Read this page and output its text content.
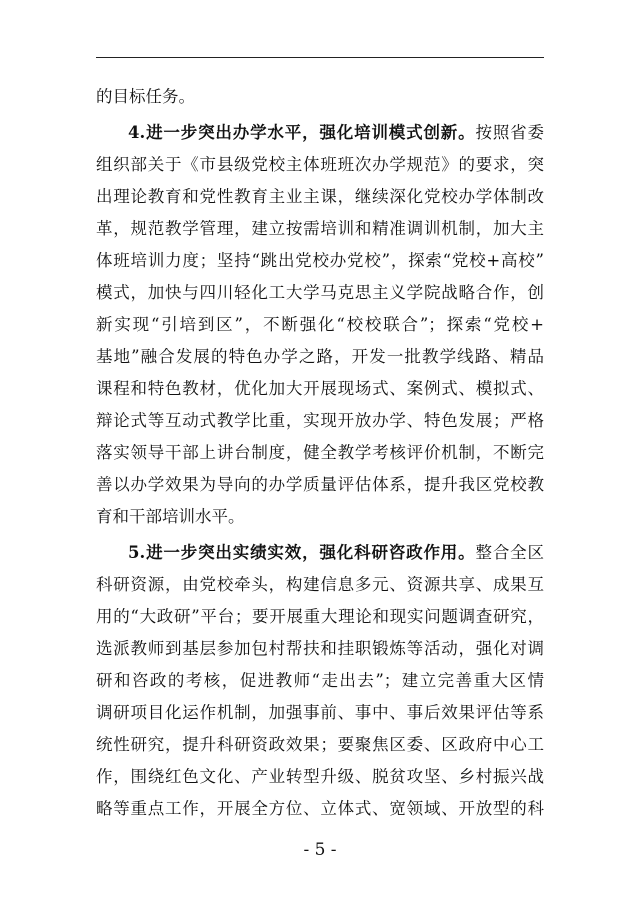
的目标任务。
4.进一步突出办学水平，强化培训模式创新。按照省委
组织部关于《市县级党校主体班班次办学规范》的要求，突
出理论教育和党性教育主业主课，继续深化党校办学体制改
革，规范教学管理，建立按需培训和精准调训机制，加大主
体班培训力度；坚持“跳出党校办党校”，探索“党校+高校”
模式，加快与四川轻化工大学马克思主义学院战略合作，创
新实现“引培到区”，不断强化“校校联合”；探索“党校+
基地”融合发展的特色办学之路，开发一批教学线路、精品
课程和特色教材，优化加大开展现场式、案例式、模拟式、
辩论式等互动式教学比重，实现开放办学、特色发展；严格
落实领导干部上讲台制度，健全教学考核评价机制，不断完
善以办学效果为导向的办学质量评估体系，提升我区党校教
育和干部培训水平。
5.进一步突出实绩实效，强化科研咨政作用。整合全区
科研资源，由党校牵头，构建信息多元、资源共享、成果互
用的“大政研”平台；要开展重大理论和现实问题调查研究，
选派教师到基层参加包村帮扶和挂职锻炼等活动，强化对调
研和咨政的考核，促进教师“走出去”；建立完善重大区情
调研项目化运作机制，加强事前、事中、事后效果评估等系
统性研究，提升科研资政效果；要聚焦区委、区政府中心工
作，围绕红色文化、产业转型升级、脱贫攻坚、乡村振兴战
略等重点工作，开展全方位、立体式、宽领域、开放型的科
- 5 -
